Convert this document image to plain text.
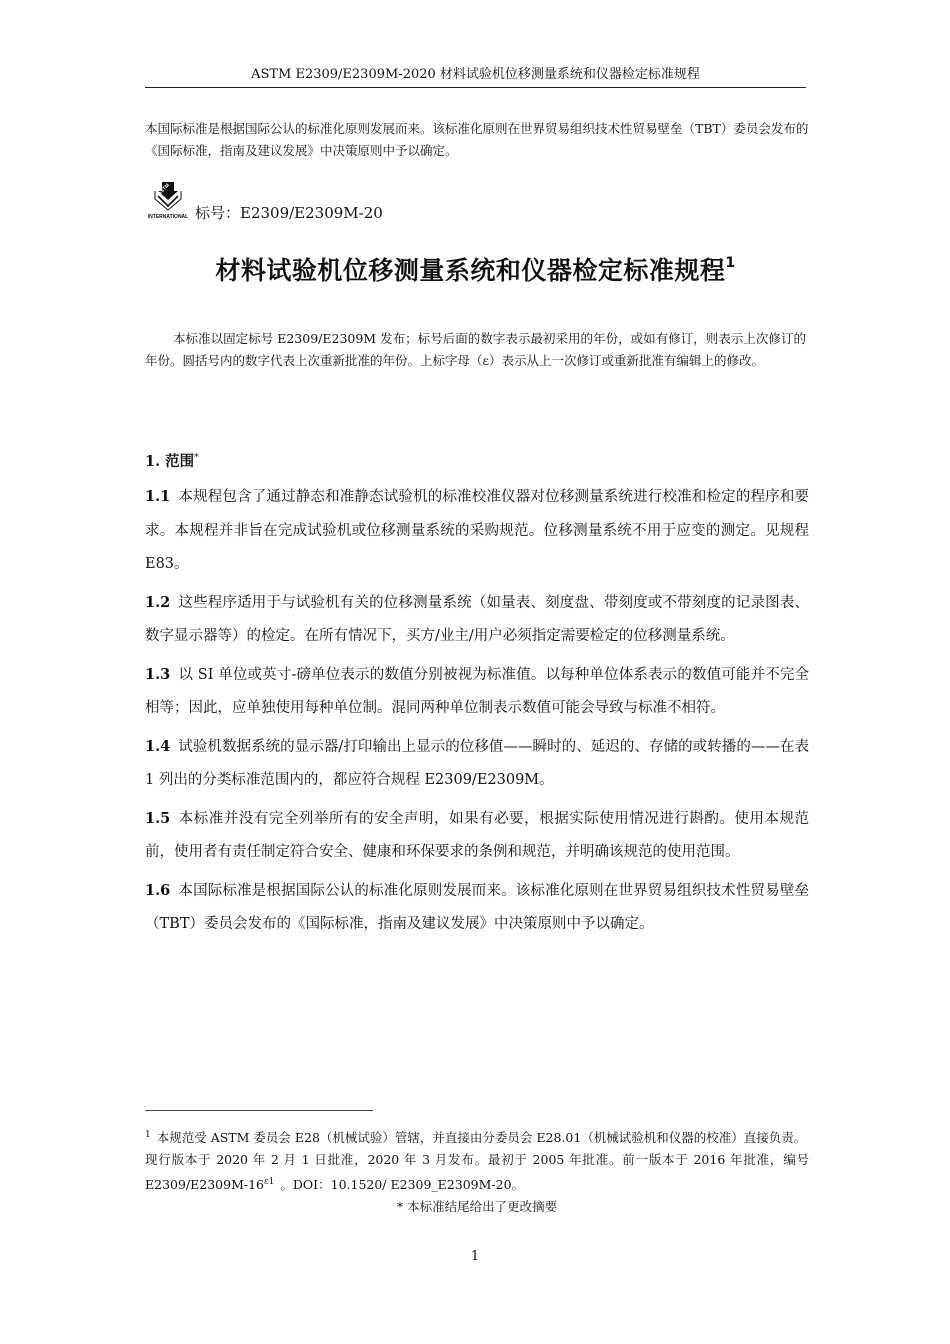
ASTM E2309/E2309M-2020 材料试验机位移测量系统和仪器检定标准规程
本国际标准是根据国际公认的标准化原则发展而来。该标准化原则在世界贸易组织技术性贸易壁垒（TBT）委员会发布的《国际标准，指南及建议发展》中决策原则中予以确定。
ASTM
INTERNATIONAL 标号：E2309/E2309M-20
材料试验机位移测量系统和仪器检定标准规程$^1$
本标准以固定标号 E2309/E2309M 发布；标号后面的数字表示最初采用的年份，或如有修订，则表示上次修订的年份。圆括号内的数字代表上次重新批准的年份。上标字母（ε）表示从上一次修订或重新批准有编辑上的修改。
1. 范围*

1.1 本规程包含了通过静态和准静态试验机的标准校准仪器对位移测量系统进行校准和检定的程序和要求。本规程并非旨在完成试验机或位移测量系统的采购规范。位移测量系统不用于应变的测定。见规程 E83。

1.2 这些程序适用于与试验机有关的位移测量系统（如量表、刻度盘、带刻度或不带刻度的记录图表、数字显示器等）的检定。在所有情况下，买方/业主/用户必须指定需要检定的位移测量系统。

1.3 以 SI 单位或英寸-磅单位表示的数值分别被视为标准值。以每种单位体系表示的数值可能并不完全相等；因此，应单独使用每种单位制。混同两种单位制表示数值可能会导致与标准不相符。

1.4 试验机数据系统的显示器/打印输出上显示的位移值——瞬时的、延迟的、存储的或转播的——在表 1 列出的分类标准范围内的，都应符合规程 E2309/E2309M。

1.5 本标准并没有完全列举所有的安全声明，如果有必要，根据实际使用情况进行斟酌。使用本规范前，使用者有责任制定符合安全、健康和环保要求的条例和规范，并明确该规范的使用范围。

1.6 本国际标准是根据国际公认的标准化原则发展而来。该标准化原则在世界贸易组织技术性贸易壁垒（TBT）委员会发布的《国际标准，指南及建议发展》中决策原则中予以确定。

$^1$ 本规范受 ASTM 委员会 E28（机械试验）管辖，并直接由分委员会 E28.01（机械试验机和仪器的校准）直接负责。

现行版本于 2020 年 2 月 1 日批准，2020 年 3 月发布。最初于 2005 年批准。前一版本于 2016 年批准，编号 E2309/E2309M-16$^{\varepsilon 1}$ 。DOI：10.1520/ E2309_E2309M-20。

* 本标准结尾给出了更改摘要

1
